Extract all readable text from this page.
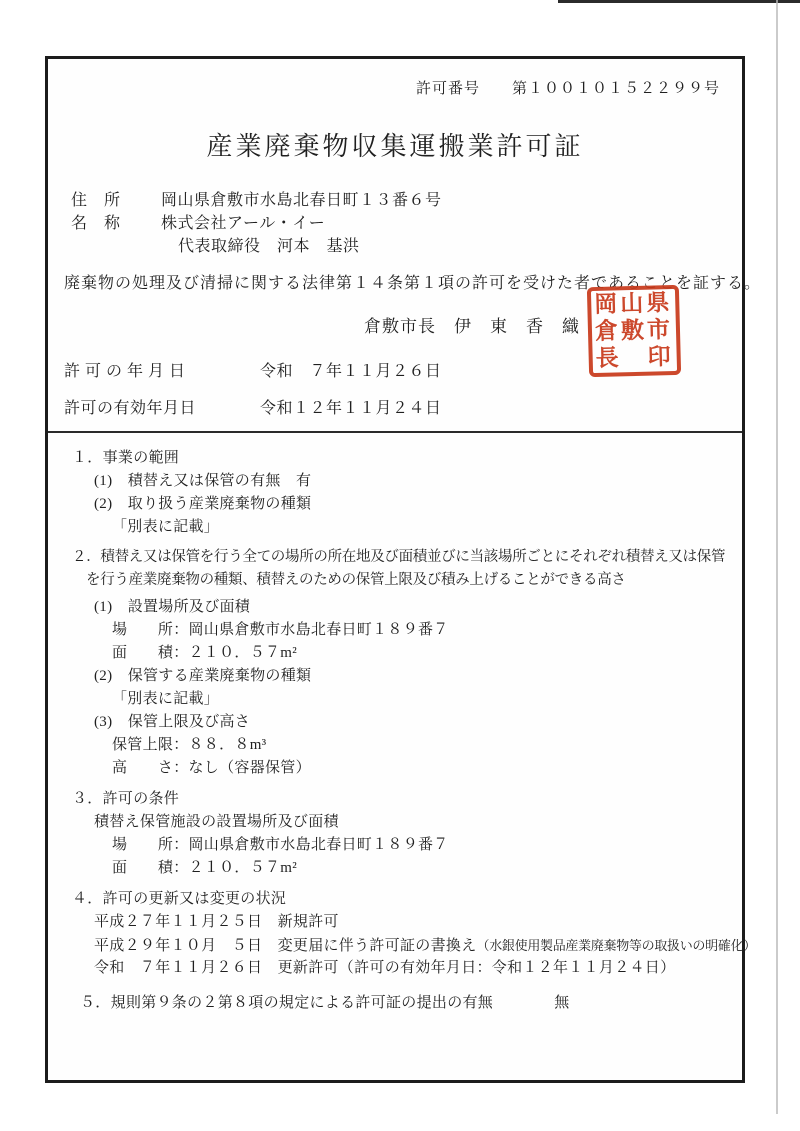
許可番号　　 第１００１０１５２２９９号
産業廃棄物収集運搬業許可証
住　所	岡山県倉敷市水島北春日町１３番６号
名　称	株式会社アール・イー
代表取締役　河本　基洪
廃棄物の処理及び清掃に関する法律第１４条第１項の許可を受けた者であることを証する。
倉敷市長　伊　東　香　織
岡山県
倉敷市
長　印
許 可 の 年 月 日	令和　７年１１月２６日
許可の有効年月日	令和１２年１１月２４日
１．事業の範囲
(1)　積替え又は保管の有無　有
(2)　取り扱う産業廃棄物の種類
「別表に記載」
２．積替え又は保管を行う全ての場所の所在地及び面積並びに当該場所ごとにそれぞれ積替え又は保管を行う産業廃棄物の種類、積替えのための保管上限及び積み上げることができる高さ
(1)　設置場所及び面積
場　　所：岡山県倉敷市水島北春日町１８９番７
面　　積：２１０．５７m²
(2)　保管する産業廃棄物の種類
「別表に記載」
(3)　保管上限及び高さ
保管上限：８８．８m³
高　　さ：なし（容器保管）
３．許可の条件
積替え保管施設の設置場所及び面積
場　　所：岡山県倉敷市水島北春日町１８９番７
面　　積：２１０．５７m²
４．許可の更新又は変更の状況
平成２７年１１月２５日　新規許可
平成２９年１０月　５日　変更届に伴う許可証の書換え（水銀使用製品産業廃棄物等の取扱いの明確化）
令和　７年１１月２６日　更新許可（許可の有効年月日：令和１２年１１月２４日）
５．規則第９条の２第８項の規定による許可証の提出の有無　　　　無
